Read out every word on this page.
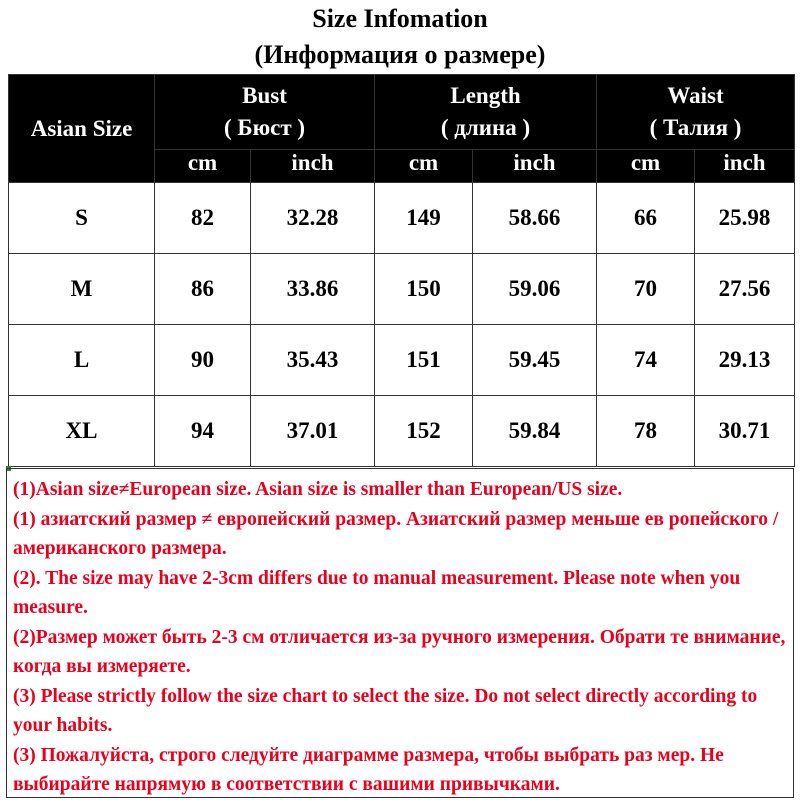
Size Infomation
(Информация о размере)
Asian Size	Bust
( Бюст )		Length
( длина )		Waist
( Талия )	

	cm	inch	cm	inch	cm	inch
S	82	32.28	149	58.66	66	25.98
M	86	33.86	150	59.06	70	27.56
L	90	35.43	151	59.45	74	29.13
XL	94	37.01	152	59.84	78	30.71

(1)Asian size≠European size. Asian size is smaller than European/US size.

(1) азиатский размер ≠ европейский размер. Азиатский размер меньше ев ропейского / американского размера.

(2). The size may have 2-3cm differs due to manual measurement. Please note when you measure.

(2)Размер может быть 2-3 см отличается из-за ручного измерения. Обрати те внимание, когда вы измеряете.

(3) Please strictly follow the size chart to select the size. Do not select directly according to your habits.

(3) Пожалуйста, строго следуйте диаграмме размера, чтобы выбрать раз мер. Не выбирайте напрямую в соответствии с вашими привычками.
